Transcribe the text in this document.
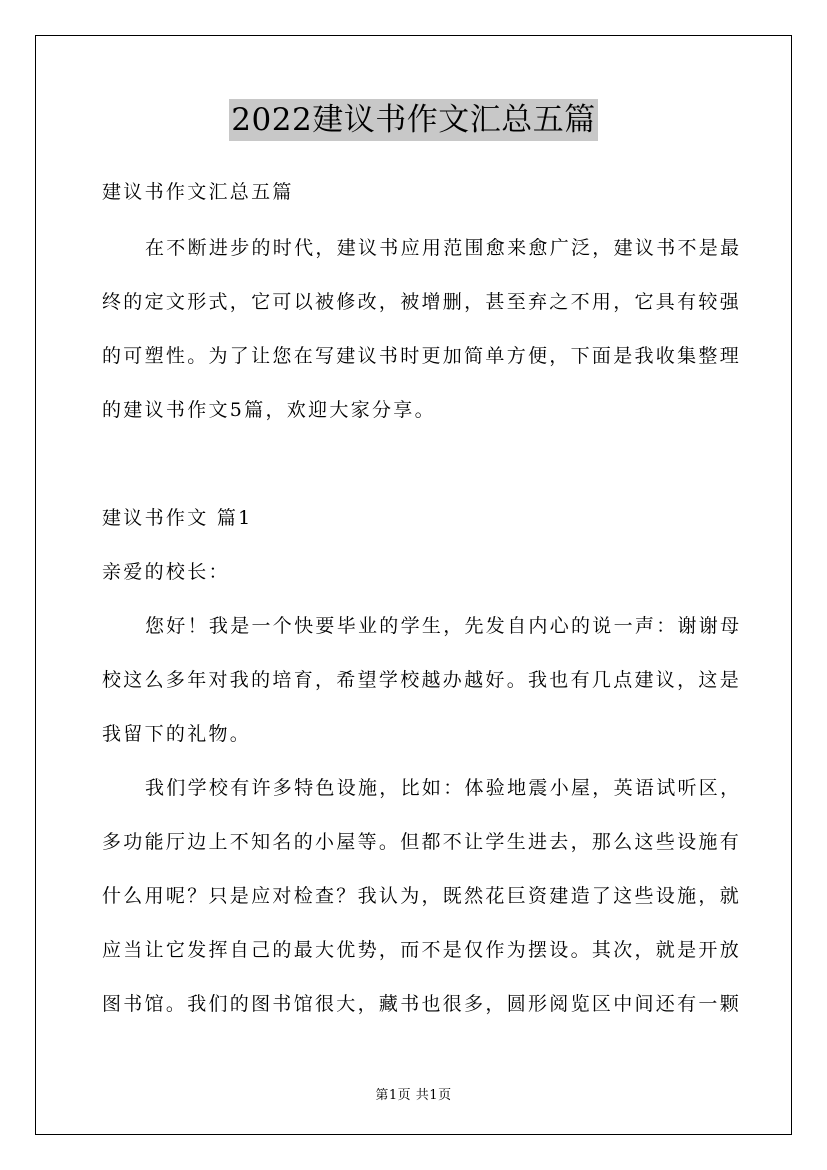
2022建议书作文汇总五篇
建议书作文汇总五篇
在不断进步的时代，建议书应用范围愈来愈广泛，建议书不是最
终的定文形式，它可以被修改，被增删，甚至弃之不用，它具有较强
的可塑性。为了让您在写建议书时更加简单方便，下面是我收集整理
的建议书作文5篇，欢迎大家分享。
建议书作文 篇1
亲爱的校长：
您好！我是一个快要毕业的学生，先发自内心的说一声：谢谢母
校这么多年对我的培育，希望学校越办越好。我也有几点建议，这是
我留下的礼物。
我们学校有许多特色设施，比如：体验地震小屋，英语试听区，
多功能厅边上不知名的小屋等。但都不让学生进去，那么这些设施有
什么用呢？只是应对检查？我认为，既然花巨资建造了这些设施，就
应当让它发挥自己的最大优势，而不是仅作为摆设。其次，就是开放
图书馆。我们的图书馆很大，藏书也很多，圆形阅览区中间还有一颗
第1页 共1页
